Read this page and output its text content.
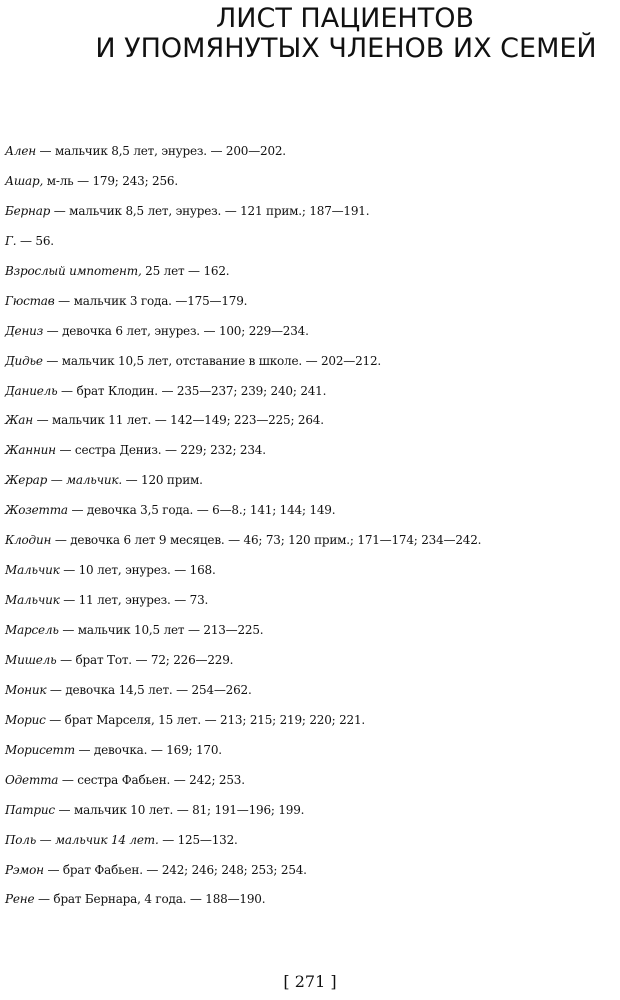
ЛИСТ ПАЦИЕНТОВ
И УПОМЯНУТЫХ ЧЛЕНОВ ИХ СЕМЕЙ
Ален — мальчик 8,5 лет, энурез. — 200—202.
Ашар, м-ль — 179; 243; 256.
Бернар — мальчик 8,5 лет, энурез. — 121 прим.; 187—191.
Г. — 56.
Взрослый импотент, 25 лет — 162.
Гюстав — мальчик 3 года. —175—179.
Дениз — девочка 6 лет, энурез. — 100; 229—234.
Дидье — мальчик 10,5 лет, отставание в школе. — 202—212.
Даниель — брат Клодин. — 235—237; 239; 240; 241.
Жан — мальчик 11 лет. — 142—149; 223—225; 264.
Жаннин — сестра Дениз. — 229; 232; 234.
Жерар — мальчик. — 120 прим.
Жозетта — девочка 3,5 года. — 6—8.; 141; 144; 149.
Клодин — девочка 6 лет 9 месяцев. — 46; 73; 120 прим.; 171—174; 234—242.
Мальчик — 10 лет, энурез. — 168.
Мальчик — 11 лет, энурез. — 73.
Марсель — мальчик 10,5 лет — 213—225.
Мишель — брат Тот. — 72; 226—229.
Моник — девочка 14,5 лет. — 254—262.
Морис — брат Марселя, 15 лет. — 213; 215; 219; 220; 221.
Морисетт — девочка. — 169; 170.
Одетта — сестра Фабьен. — 242; 253.
Патрис — мальчик 10 лет. — 81; 191—196; 199.
Поль — мальчик 14 лет. — 125—132.
Рэмон — брат Фабьен. — 242; 246; 248; 253; 254.
Рене — брат Бернара, 4 года. — 188—190.
[ 271 ]
